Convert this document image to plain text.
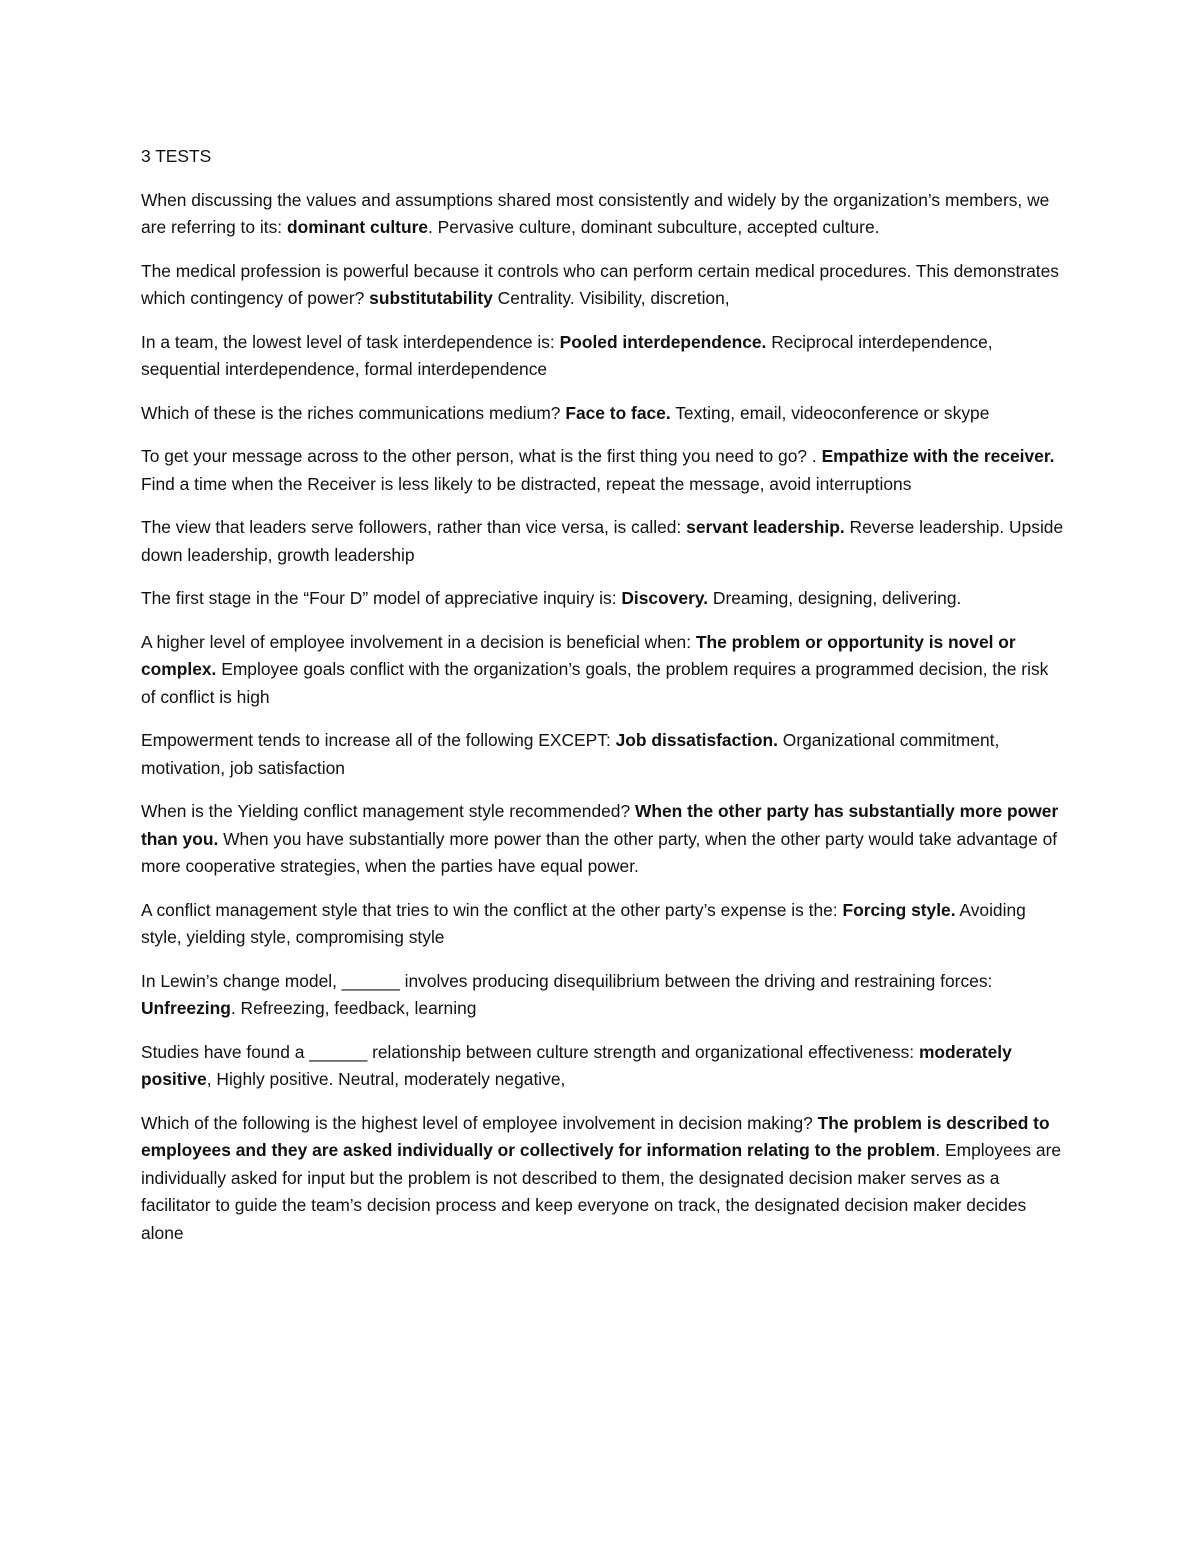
3 TESTS

When discussing the values and assumptions shared most consistently and widely by the organization’s members, we are referring to its: dominant culture. Pervasive culture, dominant subculture, accepted culture.

The medical profession is powerful because it controls who can perform certain medical procedures. This demonstrates which contingency of power? substitutability Centrality. Visibility, discretion,

In a team, the lowest level of task interdependence is: Pooled interdependence. Reciprocal interdependence, sequential interdependence, formal interdependence

Which of these is the riches communications medium? Face to face. Texting, email, videoconference or skype

To get your message across to the other person, what is the first thing you need to go? . Empathize with the receiver. Find a time when the Receiver is less likely to be distracted, repeat the message, avoid interruptions

The view that leaders serve followers, rather than vice versa, is called: servant leadership. Reverse leadership. Upside down leadership, growth leadership

The first stage in the “Four D” model of appreciative inquiry is: Discovery. Dreaming, designing, delivering.

A higher level of employee involvement in a decision is beneficial when: The problem or opportunity is novel or complex. Employee goals conflict with the organization’s goals, the problem requires a programmed decision, the risk of conflict is high

Empowerment tends to increase all of the following EXCEPT: Job dissatisfaction. Organizational commitment, motivation, job satisfaction

When is the Yielding conflict management style recommended? When the other party has substantially more power than you. When you have substantially more power than the other party, when the other party would take advantage of more cooperative strategies, when the parties have equal power.

A conflict management style that tries to win the conflict at the other party’s expense is the: Forcing style. Avoiding style, yielding style, compromising style

In Lewin’s change model, ______ involves producing disequilibrium between the driving and restraining forces: Unfreezing. Refreezing, feedback, learning

Studies have found a ______ relationship between culture strength and organizational effectiveness: moderately positive, Highly positive. Neutral, moderately negative,

Which of the following is the highest level of employee involvement in decision making? The problem is described to employees and they are asked individually or collectively for information relating to the problem. Employees are individually asked for input but the problem is not described to them, the designated decision maker serves as a facilitator to guide the team’s decision process and keep everyone on track, the designated decision maker decides alone
